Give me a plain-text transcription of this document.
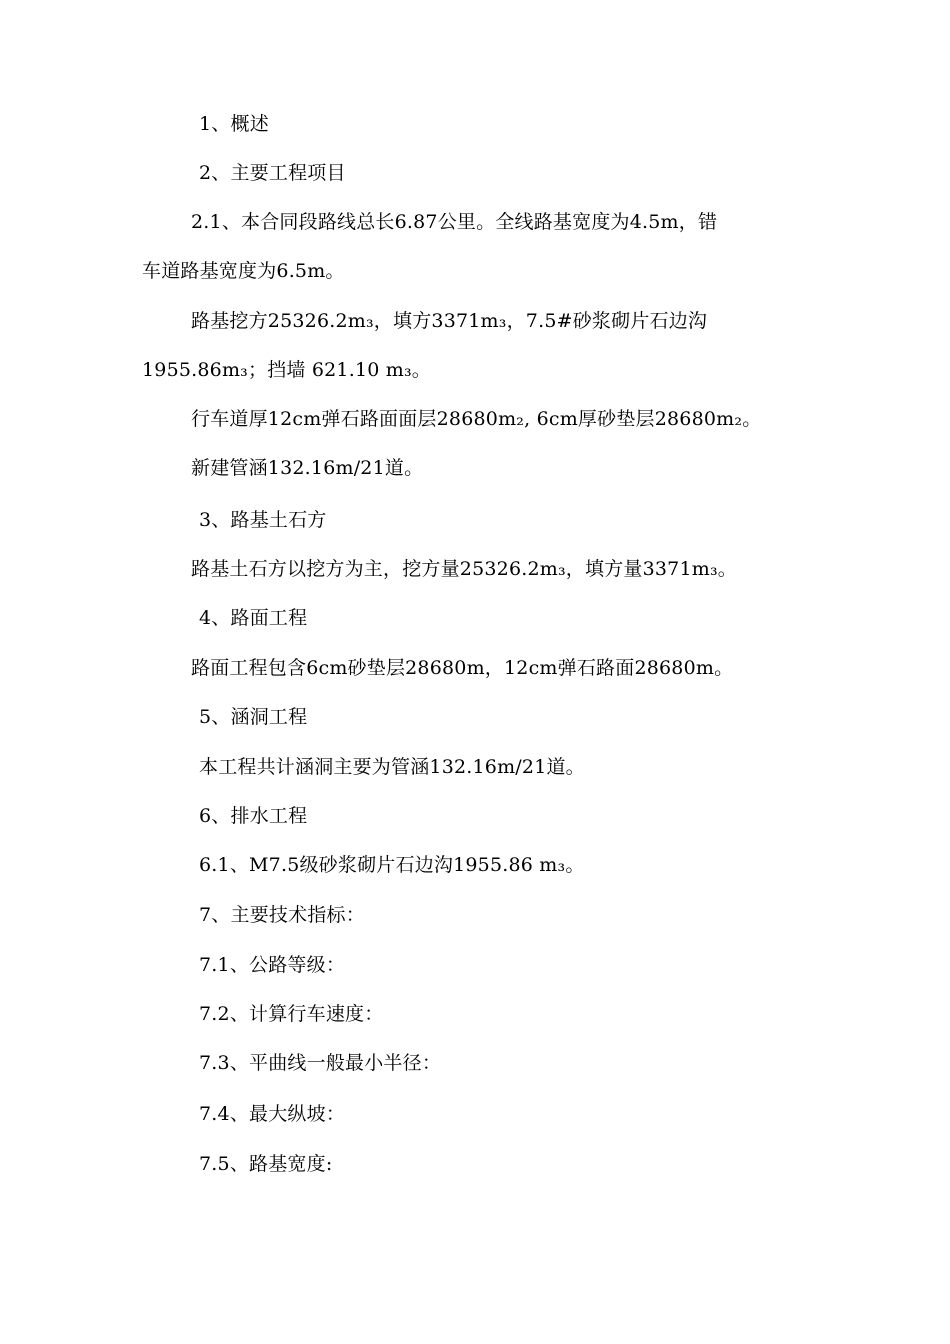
1、概述
2、主要工程项目
2.1、本合同段路线总长6.87公里。全线路基宽度为4.5m，错
车道路基宽度为6.5m。
路基挖方25326.2m₃，填方3371m₃，7.5#砂浆砌片石边沟
1955.86m₃；挡墙 621.10 m₃。
行车道厚12cm弹石路面面层28680m₂, 6cm厚砂垫层28680m₂。
新建管涵132.16m/21道。
3、路基土石方
路基土石方以挖方为主，挖方量25326.2m₃，填方量3371m₃。
4、路面工程
路面工程包含6cm砂垫层28680m，12cm弹石路面28680m。
5、涵洞工程
本工程共计涵洞主要为管涵132.16m/21道。
6、排水工程
6.1、M7.5级砂浆砌片石边沟1955.86 m₃。
7、主要技术指标：
7.1、公路等级：
7.2、计算行车速度：
7.3、平曲线一般最小半径：
7.4、最大纵坡：
7.5、路基宽度:
